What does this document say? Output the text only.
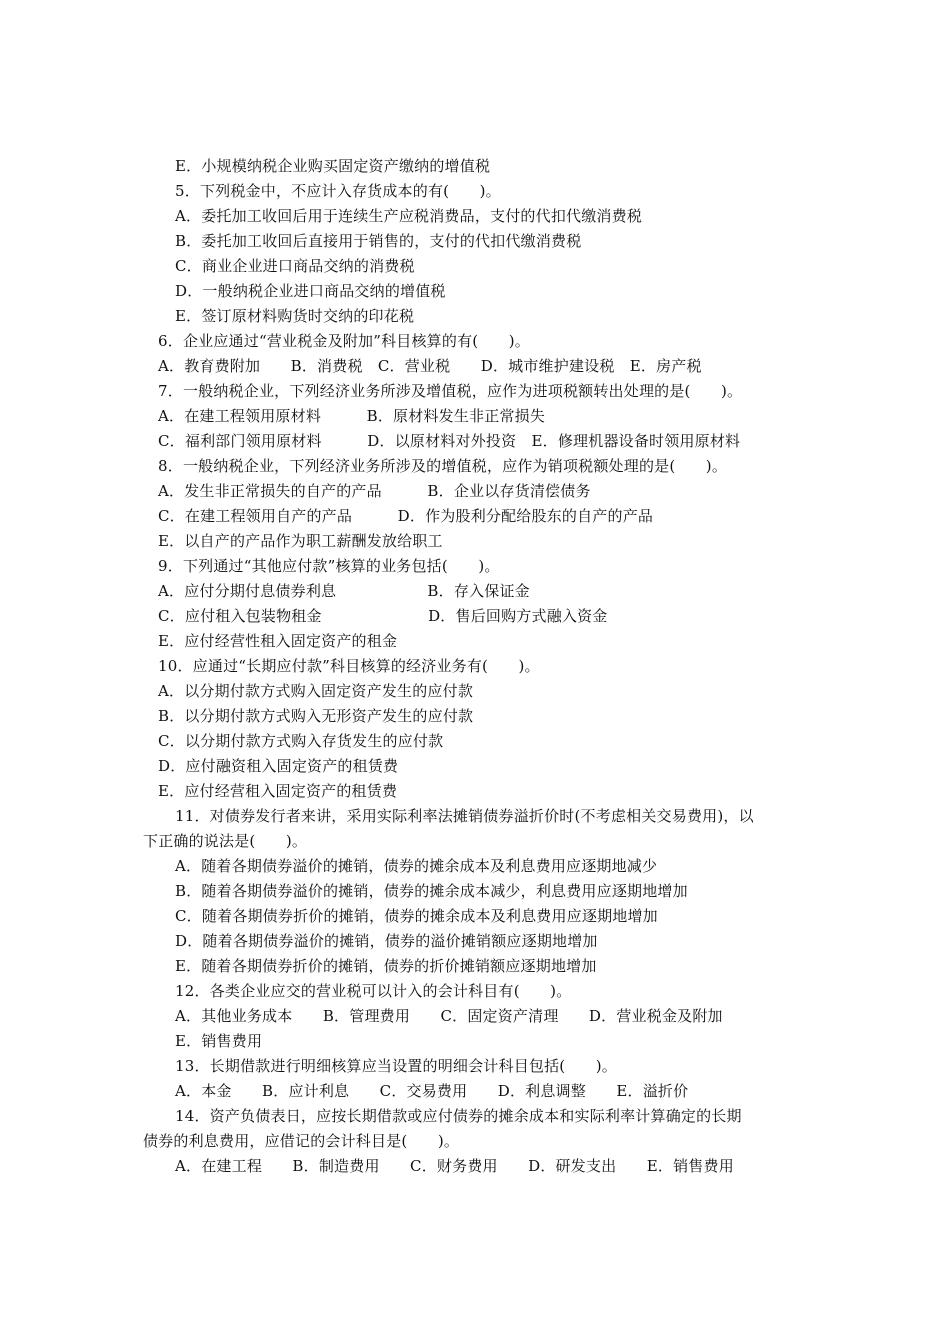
E．小规模纳税企业购买固定资产缴纳的增值税
5．下列税金中，不应计入存货成本的有(　　)。
A．委托加工收回后用于连续生产应税消费品，支付的代扣代缴消费税
B．委托加工收回后直接用于销售的，支付的代扣代缴消费税
C．商业企业进口商品交纳的消费税
D．一般纳税企业进口商品交纳的增值税
E．签订原材料购货时交纳的印花税
6．企业应通过“营业税金及附加”科目核算的有(　　)。
A．教育费附加　　B．消费税　C．营业税　　D．城市维护建设税　E．房产税
7．一般纳税企业，下列经济业务所涉及增值税，应作为进项税额转出处理的是(　　)。
A．在建工程领用原材料　　　B．原材料发生非正常损失
C．福利部门领用原材料　　　D．以原材料对外投资　E．修理机器设备时领用原材料
8．一般纳税企业，下列经济业务所涉及的增值税，应作为销项税额处理的是(　　)。
A．发生非正常损失的自产的产品　　　B．企业以存货清偿债务
C．在建工程领用自产的产品　　　D．作为股利分配给股东的自产的产品
E．以自产的产品作为职工薪酬发放给职工
9．下列通过“其他应付款”核算的业务包括(　　)。
A．应付分期付息债券利息　　　　　　B．存入保证金
C．应付租入包装物租金　　　　　　　D．售后回购方式融入资金
E．应付经营性租入固定资产的租金
10．应通过“长期应付款”科目核算的经济业务有(　　)。
A．以分期付款方式购入固定资产发生的应付款
B．以分期付款方式购入无形资产发生的应付款
C．以分期付款方式购入存货发生的应付款
D．应付融资租入固定资产的租赁费
E．应付经营租入固定资产的租赁费
11．对债券发行者来讲，采用实际利率法摊销债券溢折价时(不考虑相关交易费用)，以
下正确的说法是(　　)。
A．随着各期债券溢价的摊销，债券的摊余成本及利息费用应逐期地减少
B．随着各期债券溢价的摊销，债券的摊余成本减少，利息费用应逐期地增加
C．随着各期债券折价的摊销，债券的摊余成本及利息费用应逐期地增加
D．随着各期债券溢价的摊销，债券的溢价摊销额应逐期地增加
E．随着各期债券折价的摊销，债券的折价摊销额应逐期地增加
12．各类企业应交的营业税可以计入的会计科目有(　　)。
A．其他业务成本　　B．管理费用　　C．固定资产清理　　D．营业税金及附加
E．销售费用
13．长期借款进行明细核算应当设置的明细会计科目包括(　　)。
A．本金　　B．应计利息　　C．交易费用　　D．利息调整　　E．溢折价
14．资产负债表日，应按长期借款或应付债券的摊余成本和实际利率计算确定的长期
债券的利息费用，应借记的会计科目是(　　)。
A．在建工程　　B．制造费用　　C．财务费用　　D．研发支出　　E．销售费用
